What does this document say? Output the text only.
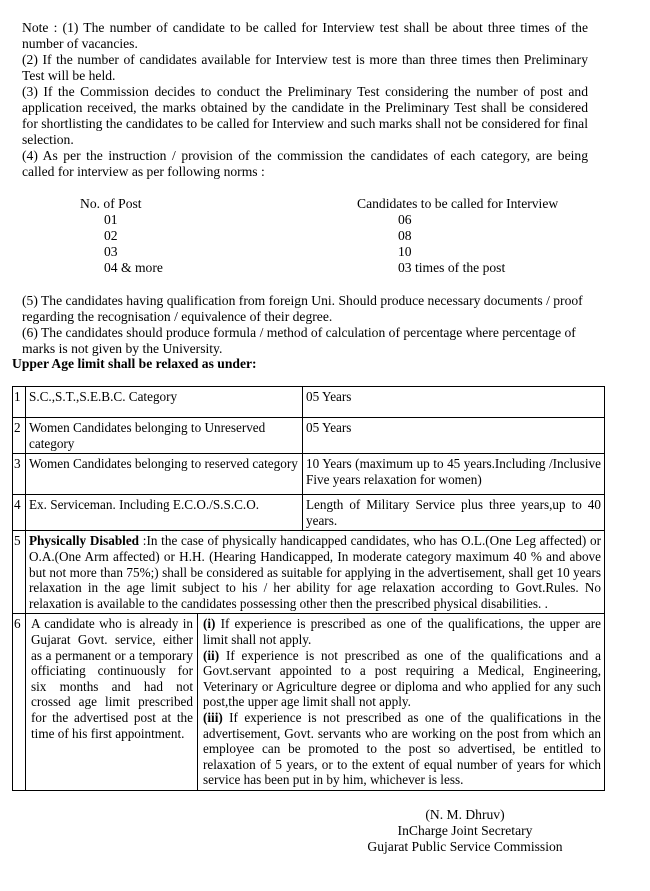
Note : (1) The number of candidate to be called for Interview test shall be about three times of the number of vacancies.

(2) If the number of candidates available for Interview test is more than three times then Preliminary Test will be held.

(3) If the Commission decides to conduct the Preliminary Test considering the number of post and application received, the marks obtained by the candidate in the Preliminary Test shall be considered for shortlisting the candidates to be called for Interview and such marks shall not be considered for final selection.

(4) As per the instruction / provision of the commission the candidates of each category, are being called for interview as per following norms :

No. of Post	Candidates to be called for Interview
01	06
02	08
03	10
04 & more	03 times of the post

(5) The candidates having qualification from foreign Uni. Should produce necessary documents / proof regarding the recognisation / equivalence of their degree.

(6) The candidates should produce formula / method of calculation of percentage where percentage of marks is not given by the University.

Upper Age limit shall be relaxed as under:
1	S.C.,S.T.,S.E.B.C. Category	05 Years
2	Women Candidates belonging to Unreserved category	05 Years
3	Women Candidates belonging to reserved category	10 Years (maximum up to 45 years.Including /Inclusive Five years relaxation for women)
4	Ex. Serviceman. Including E.C.O./S.S.C.O.	Length of Military Service plus three years,up to 40 years.
5	Physically Disabled :In the case of physically handicapped candidates, who has O.L.(One Leg affected) or O.A.(One Arm affected) or H.H. (Hearing Handicapped, In moderate category maximum 40 % and above but not more than 75%;) shall be considered as suitable for applying in the advertisement, shall get 10 years relaxation in the age limit subject to his / her ability for age relaxation according to Govt.Rules. No relaxation is available to the candidates possessing other then the prescribed physical disabilities. .	
6	A candidate who is already in Gujarat Govt. service, either as a permanent or a temporary officiating continuously for six months and had not crossed age limit prescribed for the advertised post at the time of his first appointment.
(i) If experience is prescribed as one of the qualifications, the upper are limit shall not apply.
(ii) If experience is not prescribed as one of the qualifications and a Govt.servant appointed to a post requiring a Medical, Engineering, Veterinary or Agriculture degree or diploma and who applied for any such post,the upper age limit shall not apply.
(iii) If experience is not prescribed as one of the qualifications in the advertisement, Govt. servants who are working on the post from which an employee can be promoted to the post so advertised, be entitled to relaxation of 5 years, or to the extent of equal number of years for which service has been put in by him, whichever is less.	
(N. M. Dhruv)
InCharge Joint Secretary
Gujarat Public Service Commission
